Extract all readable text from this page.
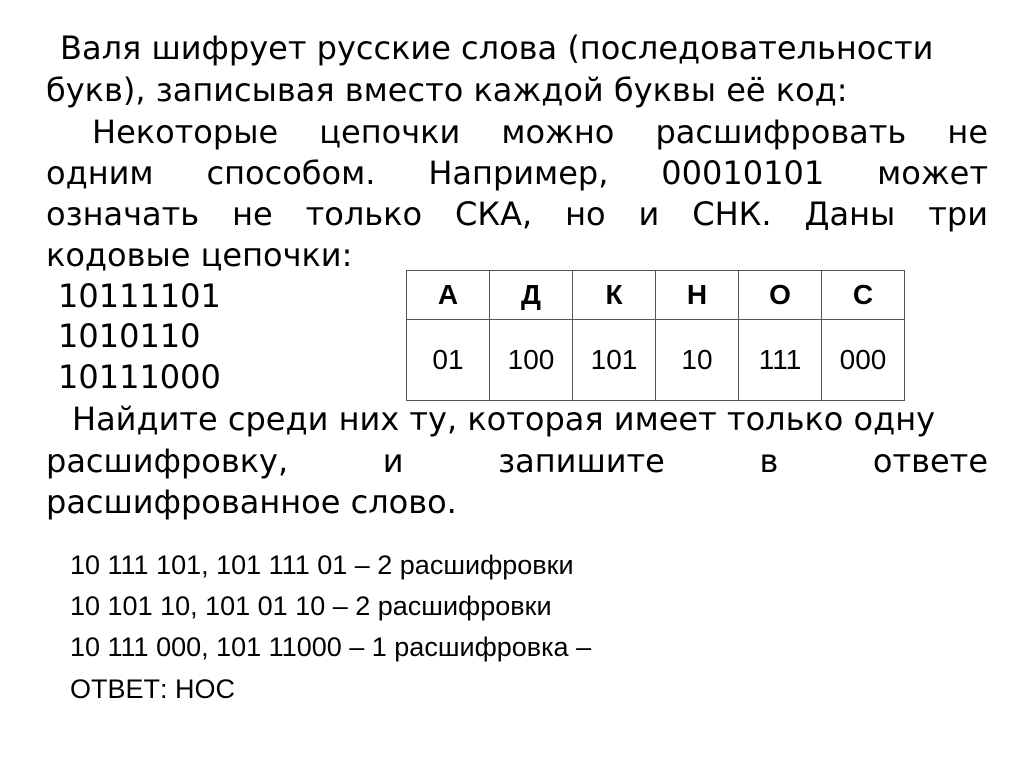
Валя шифрует русские слова (последовательности
букв), записывая вместо каждой буквы её код:
Некоторые цепочки можно расшифровать не
одним способом. Например, 00010101 может
означать не только СКА, но и СНК. Даны три
кодовые цепочки:
10111101
1010110
10111000
А	Д	К	Н	О	С
01	100	101	10	111	000
Найдите среди них ту, которая имеет только одну
расшифровку, и запишите в ответе
расшифрованное слово.
10 111 101, 101 111 01 – 2 расшифровки
10 101 10, 101 01 10 – 2 расшифровки
10 111 000, 101 11000 – 1 расшифровка –
ОТВЕТ: НОС
